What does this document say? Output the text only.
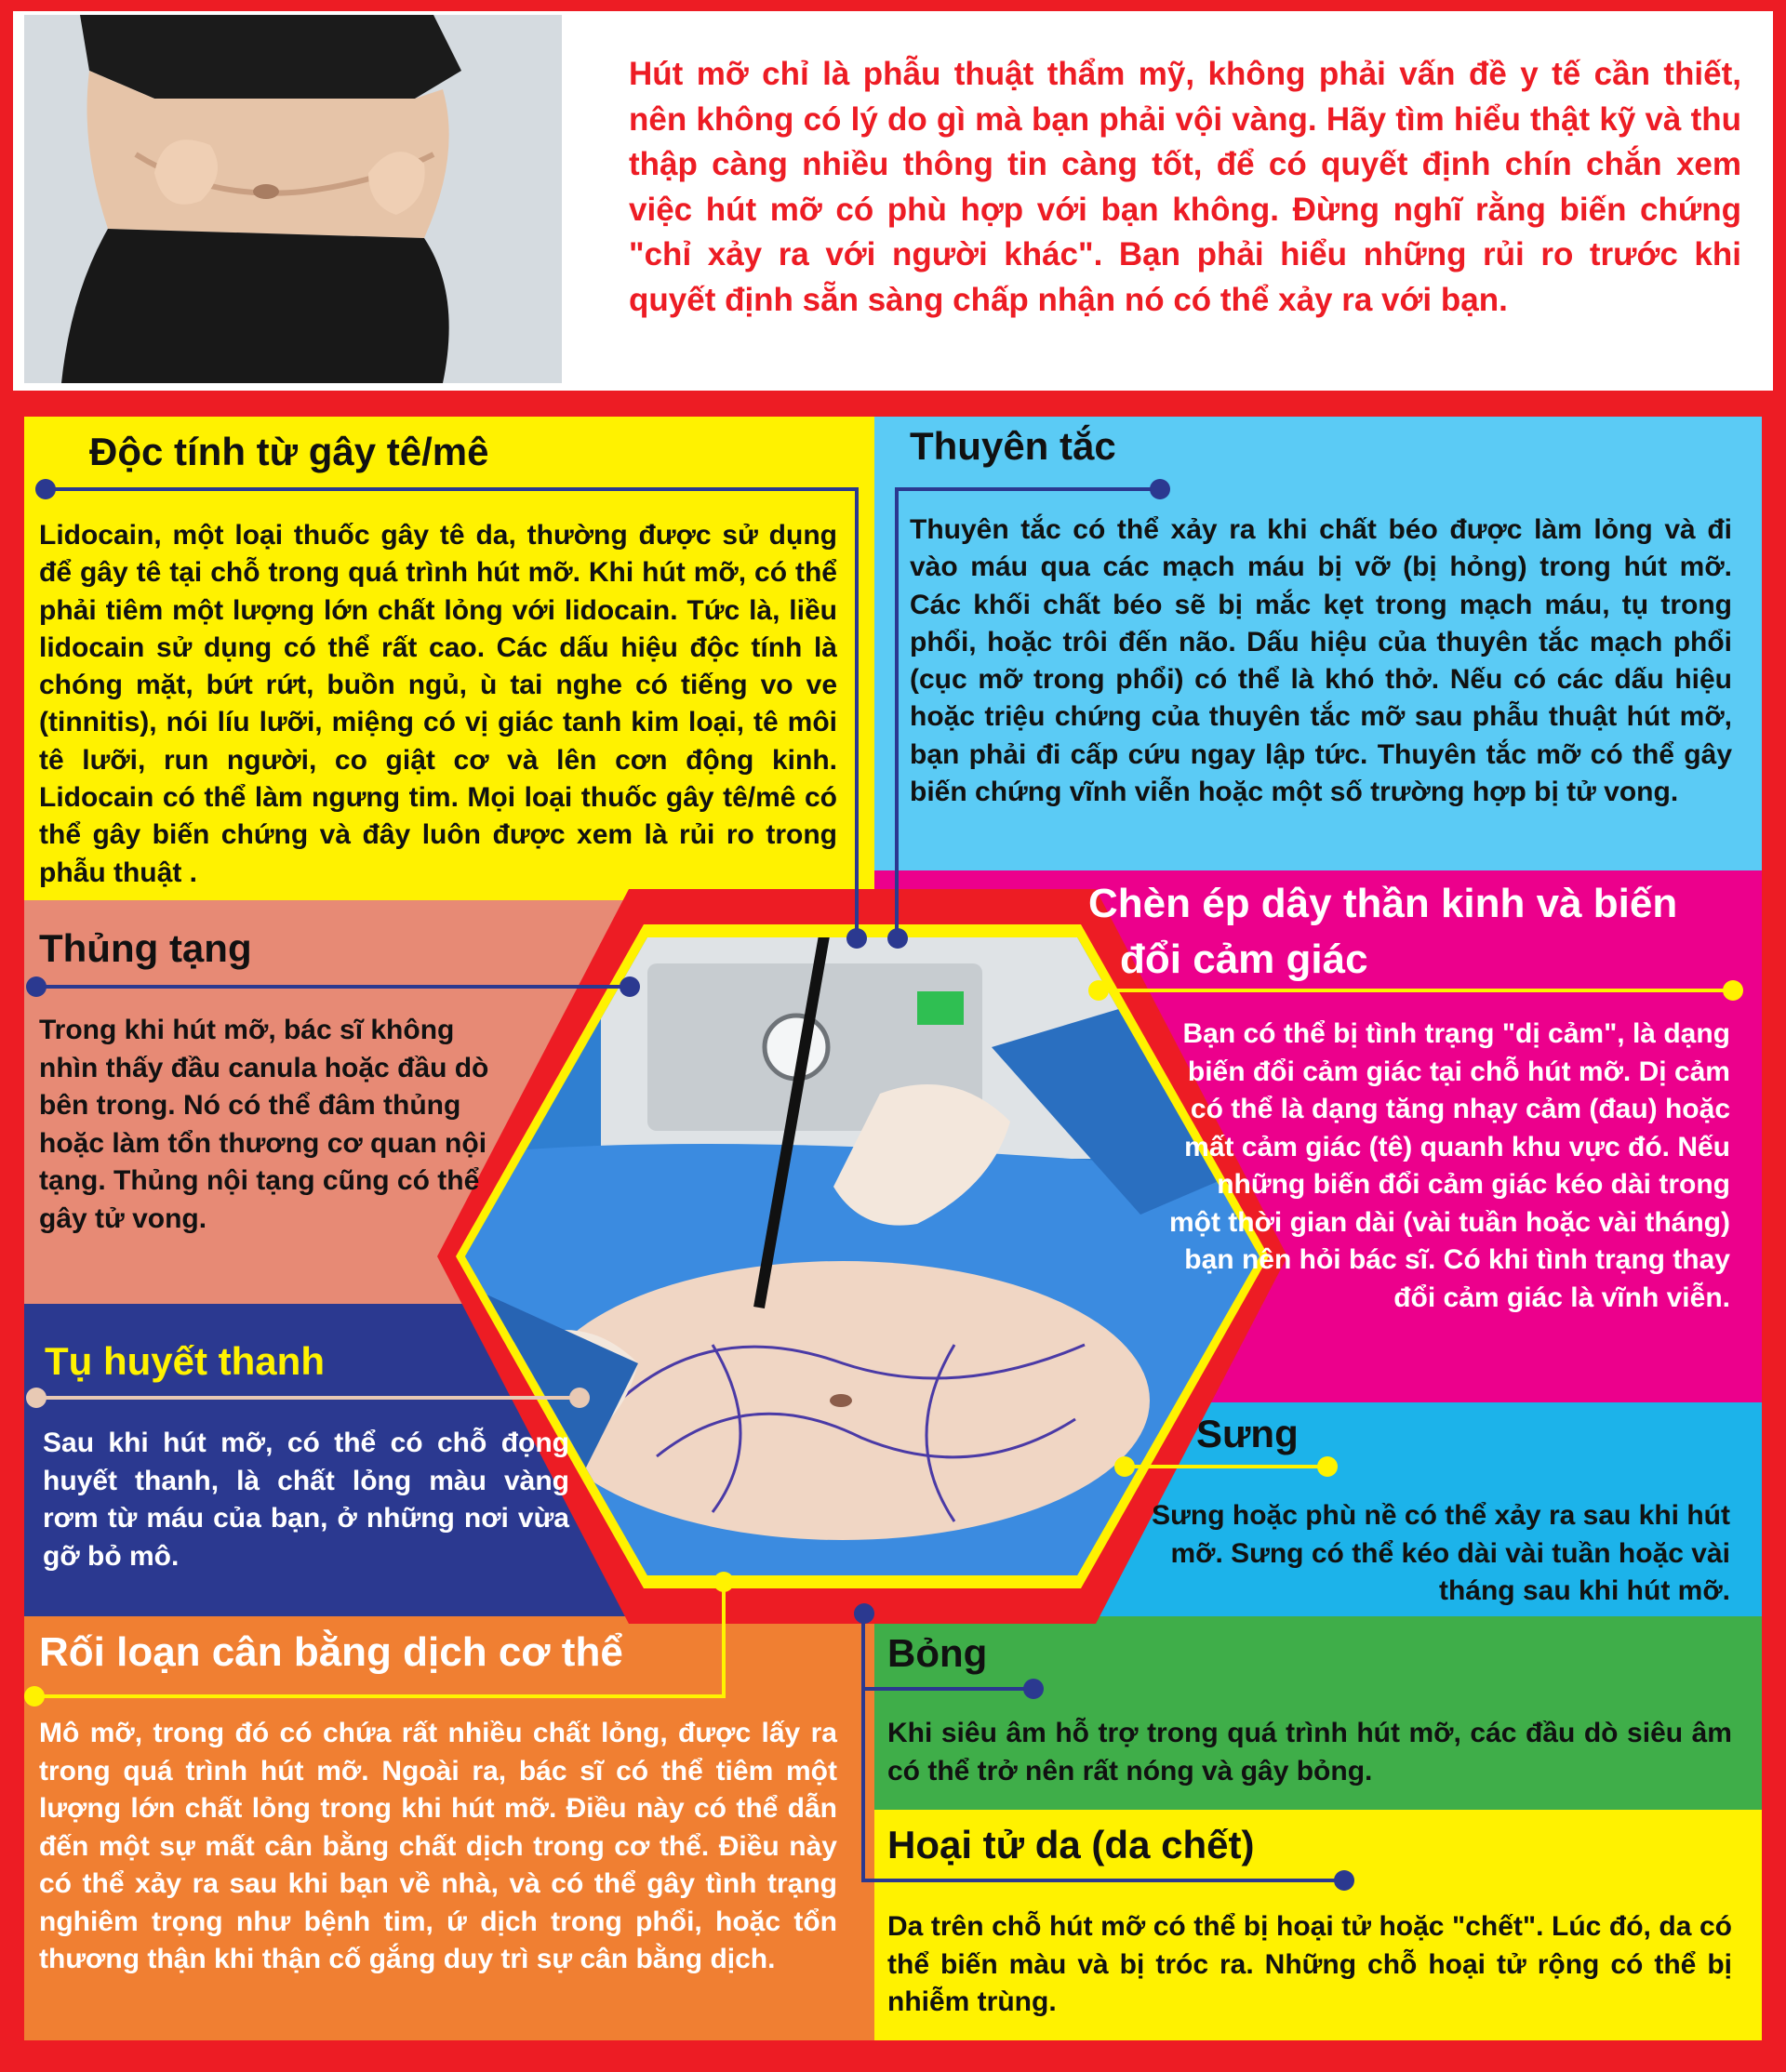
Hút mỡ chỉ là phẫu thuật thẩm mỹ, không phải vấn đề y tế cần thiết, nên không có lý do gì mà bạn phải vội vàng. Hãy tìm hiểu thật kỹ và thu thập càng nhiều thông tin càng tốt, để có quyết định chín chắn xem việc hút mỡ có phù hợp với bạn không. Đừng nghĩ rằng biến chứng "chỉ xảy ra với người khác". Bạn phải hiểu những rủi ro trước khi quyết định sẵn sàng chấp nhận nó có thể xảy ra với bạn.

Độc tính từ gây tê/mê

Lidocain, một loại thuốc gây tê da, thường được sử dụng để gây tê tại chỗ trong quá trình hút mỡ. Khi hút mỡ, có thể phải tiêm một lượng lớn chất lỏng với lidocain. Tức là, liều lidocain sử dụng có thể rất cao. Các dấu hiệu độc tính là chóng mặt, bứt rứt, buồn ngủ, ù tai nghe có tiếng vo ve (tinnitis), nói líu lưỡi, miệng có vị giác tanh kim loại, tê môi tê lưỡi, run người, co giật cơ và lên cơn động kinh. Lidocain có thể làm ngưng tim. Mọi loại thuốc gây tê/mê có thể gây biến chứng và đây luôn được xem là rủi ro trong phẫu thuật .

Thuyên tắc

Thuyên tắc có thể xảy ra khi chất béo được làm lỏng và đi vào máu qua các mạch máu bị vỡ (bị hỏng) trong hút mỡ. Các khối chất béo sẽ bị mắc kẹt trong mạch máu, tụ trong phổi, hoặc trôi đến não. Dấu hiệu của thuyên tắc mạch phổi (cục mỡ trong phổi) có thể là khó thở. Nếu có các dấu hiệu hoặc triệu chứng của thuyên tắc mỡ sau phẫu thuật hút mỡ, bạn phải đi cấp cứu ngay lập tức. Thuyên tắc mỡ có thể gây biến chứng vĩnh viễn hoặc một số trường hợp bị tử vong.

Chèn ép dây thần kinh và biến
đổi cảm giác

Bạn có thể bị tình trạng "dị cảm", là dạng biến đổi cảm giác tại chỗ hút mỡ. Dị cảm có thể là dạng tăng nhạy cảm (đau) hoặc mất cảm giác (tê) quanh khu vực đó. Nếu những biến đổi cảm giác kéo dài trong một thời gian dài (vài tuần hoặc vài tháng) bạn nên hỏi bác sĩ. Có khi tình trạng thay đổi cảm giác là vĩnh viễn.

Thủng tạng

Trong khi hút mỡ, bác sĩ không nhìn thấy đầu canula hoặc đầu dò bên trong. Nó có thể đâm thủng hoặc làm tổn thương cơ quan nội tạng. Thủng nội tạng cũng có thể gây tử vong.

Tụ huyết thanh

Sau khi hút mỡ, có thể có chỗ đọng huyết thanh, là chất lỏng màu vàng rơm từ máu của bạn, ở những nơi vừa gỡ bỏ mô.

Sưng

Sưng hoặc phù nề có thể xảy ra sau khi hút mỡ. Sưng có thể kéo dài vài tuần hoặc vài tháng sau khi hút mỡ.

Rối loạn cân bằng dịch cơ thể

Mô mỡ, trong đó có chứa rất nhiều chất lỏng, được lấy ra trong quá trình hút mỡ. Ngoài ra, bác sĩ có thể tiêm một lượng lớn chất lỏng trong khi hút mỡ. Điều này có thể dẫn đến một sự mất cân bằng chất dịch trong cơ thể. Điều này có thể xảy ra sau khi bạn về nhà, và có thể gây tình trạng nghiêm trọng như bệnh tim, ứ dịch trong phổi, hoặc tổn thương thận khi thận cố gắng duy trì sự cân bằng dịch.

Bỏng

Khi siêu âm hỗ trợ trong quá trình hút mỡ, các đầu dò siêu âm có thể trở nên rất nóng và gây bỏng.

Hoại tử da (da chết)

Da trên chỗ hút mỡ có thể bị hoại tử hoặc "chết". Lúc đó, da có thể biến màu và bị tróc ra. Những chỗ hoại tử rộng có thể bị nhiễm trùng.
